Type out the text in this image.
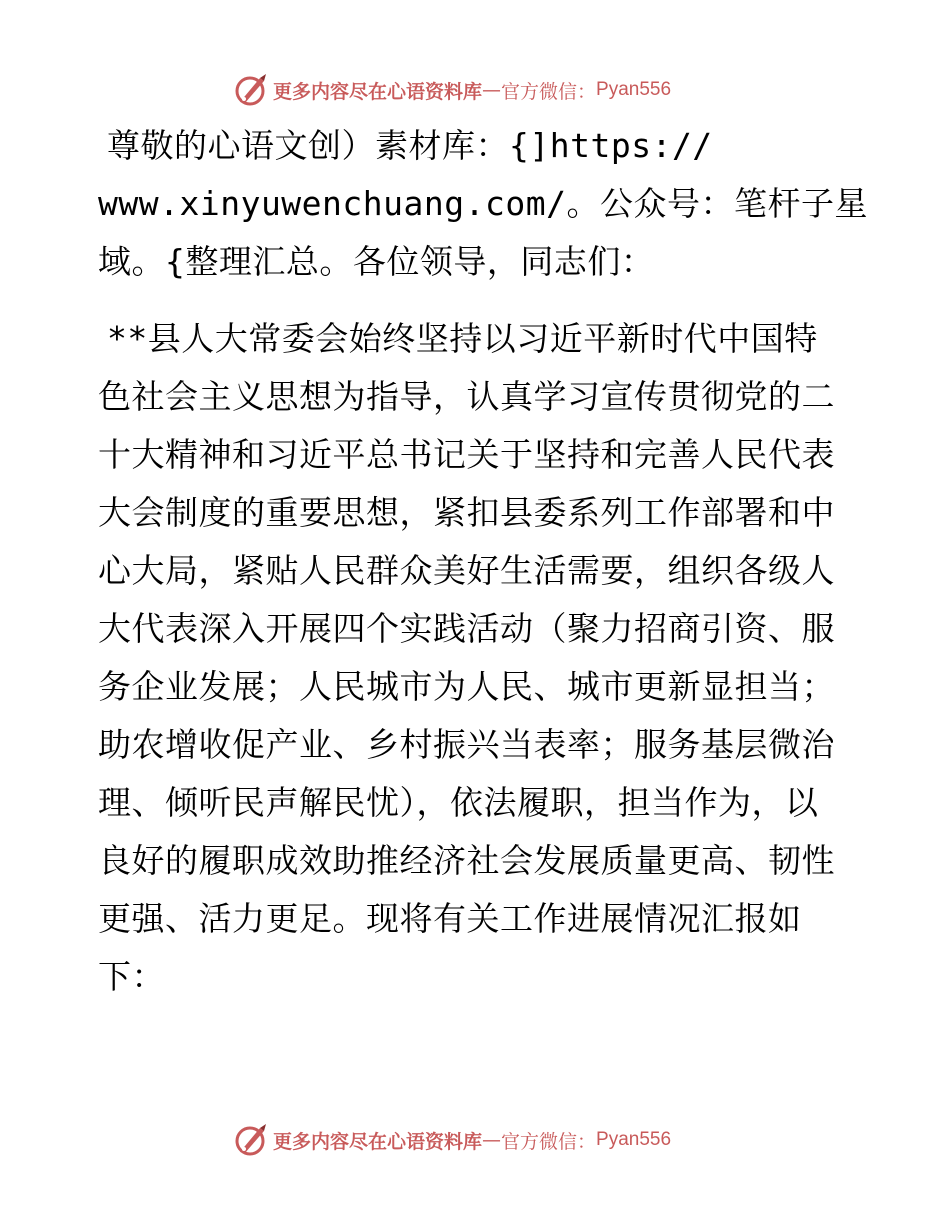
更多内容尽在心语资料库 — 官方微信： Pyan556
尊敬的心语文创）素材库：{]https://
www.xinyuwenchuang.com/。公众号：笔杆子星
域。{整理汇总。各位领导，同志们：
**县人大常委会始终坚持以习近平新时代中国特
色社会主义思想为指导，认真学习宣传贯彻党的二
十大精神和习近平总书记关于坚持和完善人民代表
大会制度的重要思想，紧扣县委系列工作部署和中
心大局，紧贴人民群众美好生活需要，组织各级人
大代表深入开展四个实践活动（聚力招商引资、服
务企业发展；人民城市为人民、城市更新显担当；
助农增收促产业、乡村振兴当表率；服务基层微治
理、倾听民声解民忧），依法履职，担当作为，以
良好的履职成效助推经济社会发展质量更高、韧性
更强、活力更足。现将有关工作进展情况汇报如
下：
更多内容尽在心语资料库 — 官方微信： Pyan556
